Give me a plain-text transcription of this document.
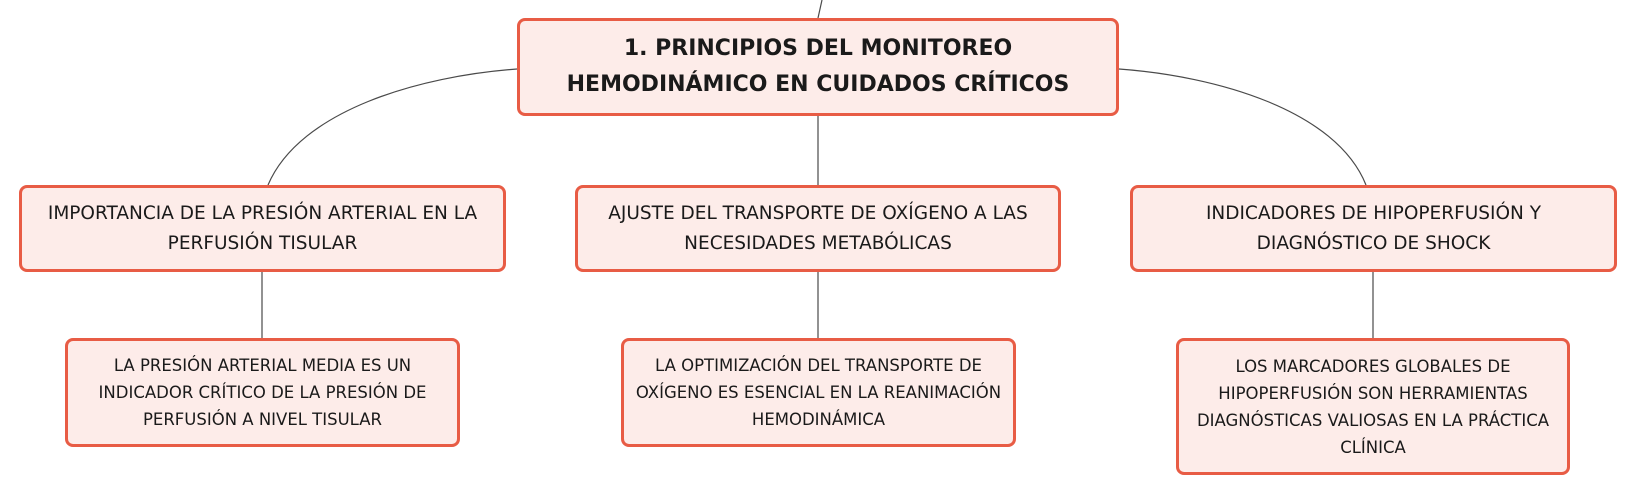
1. PRINCIPIOS DEL MONITOREO HEMODINÁMICO EN CUIDADOS CRÍTICOS
IMPORTANCIA DE LA PRESIÓN ARTERIAL EN LA PERFUSIÓN TISULAR
AJUSTE DEL TRANSPORTE DE OXÍGENO A LAS NECESIDADES METABÓLICAS
INDICADORES DE HIPOPERFUSIÓN Y DIAGNÓSTICO DE SHOCK
LA PRESIÓN ARTERIAL MEDIA ES UN INDICADOR CRÍTICO DE LA PRESIÓN DE PERFUSIÓN A NIVEL TISULAR
LA OPTIMIZACIÓN DEL TRANSPORTE DE OXÍGENO ES ESENCIAL EN LA REANIMACIÓN HEMODINÁMICA
LOS MARCADORES GLOBALES DE HIPOPERFUSIÓN SON HERRAMIENTAS DIAGNÓSTICAS VALIOSAS EN LA PRÁCTICA CLÍNICA
